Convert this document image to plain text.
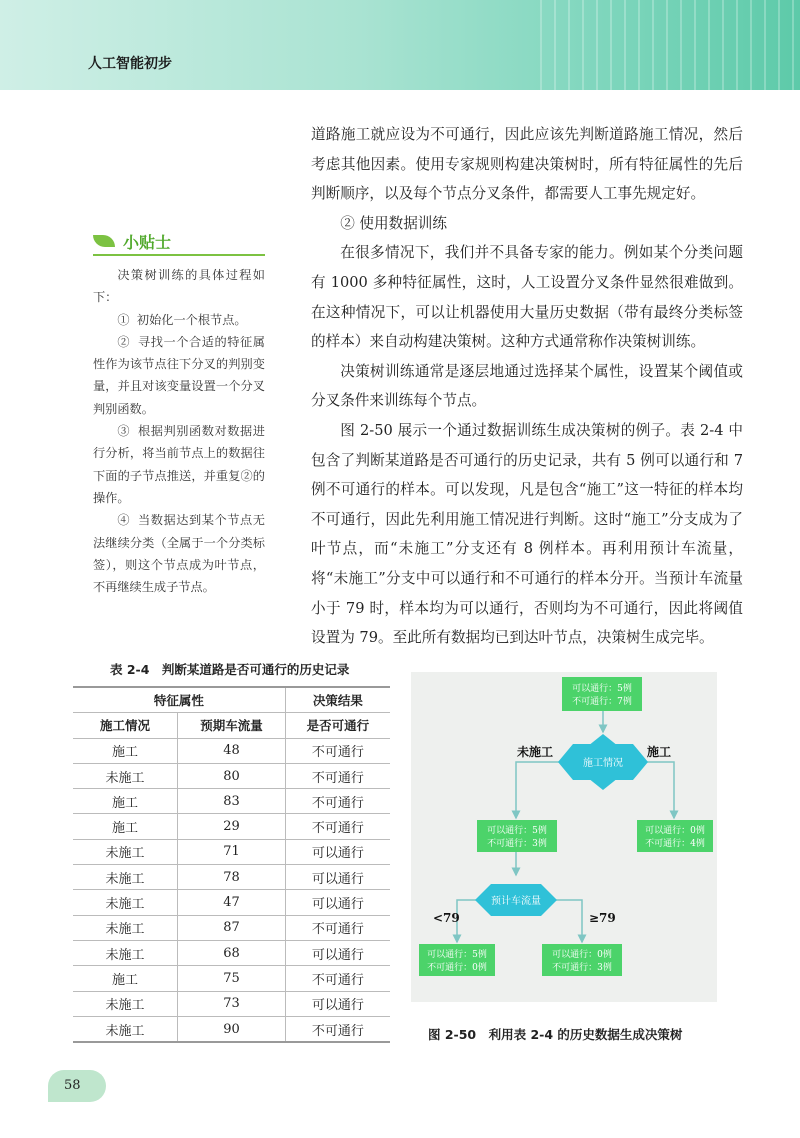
人工智能初步

道路施工就应设为不可通行，因此应该先判断道路施工情况，然后考虑其他因素。使用专家规则构建决策树时，所有特征属性的先后判断顺序，以及每个节点分叉条件，都需要人工事先规定好。

② 使用数据训练

在很多情况下，我们并不具备专家的能力。例如某个分类问题有 1000 多种特征属性，这时，人工设置分叉条件显然很难做到。在这种情况下，可以让机器使用大量历史数据（带有最终分类标签的样本）来自动构建决策树。这种方式通常称作决策树训练。

决策树训练通常是逐层地通过选择某个属性，设置某个阈值或分叉条件来训练每个节点。

图 2-50 展示一个通过数据训练生成决策树的例子。表 2-4 中包含了判断某道路是否可通行的历史记录，共有 5 例可以通行和 7 例不可通行的样本。可以发现，凡是包含“施工”这一特征的样本均不可通行，因此先利用施工情况进行判断。这时“施工”分支成为了叶节点，而“未施工”分支还有 8 例样本。再利用预计车流量，将“未施工”分支中可以通行和不可通行的样本分开。当预计车流量小于 79 时，样本均为可以通行，否则均为不可通行，因此将阈值设置为 79。至此所有数据均已到达叶节点，决策树生成完毕。

小贴士

决策树训练的具体过程如下：

① 初始化一个根节点。

② 寻找一个合适的特征属性作为该节点往下分叉的判别变量，并且对该变量设置一个分叉判别函数。

③ 根据判别函数对数据进行分析，将当前节点上的数据往下面的子节点推送，并重复②的操作。

④ 当数据达到某个节点无法继续分类（全属于一个分类标签），则这个节点成为叶节点，不再继续生成子节点。

表 2-4　判断某道路是否可通行的历史记录
特征属性		决策结果
施工情况	预期车流量	是否可通行
施工	48	不可通行
未施工	80	不可通行
施工	83	不可通行
施工	29	不可通行
未施工	71	可以通行
未施工	78	可以通行
未施工	47	可以通行
未施工	87	不可通行
未施工	68	可以通行
施工	75	不可通行
未施工	73	可以通行
未施工	90	不可通行
可以通行：5例
不可通行：7例
施工情况
未施工	施工
可以通行：5例
不可通行：3例
可以通行：0例
不可通行：4例
预计车流量
<79	≥79
可以通行：5例
不可通行：0例
可以通行：0例
不可通行：3例
图 2-50　利用表 2-4 的历史数据生成决策树
58
